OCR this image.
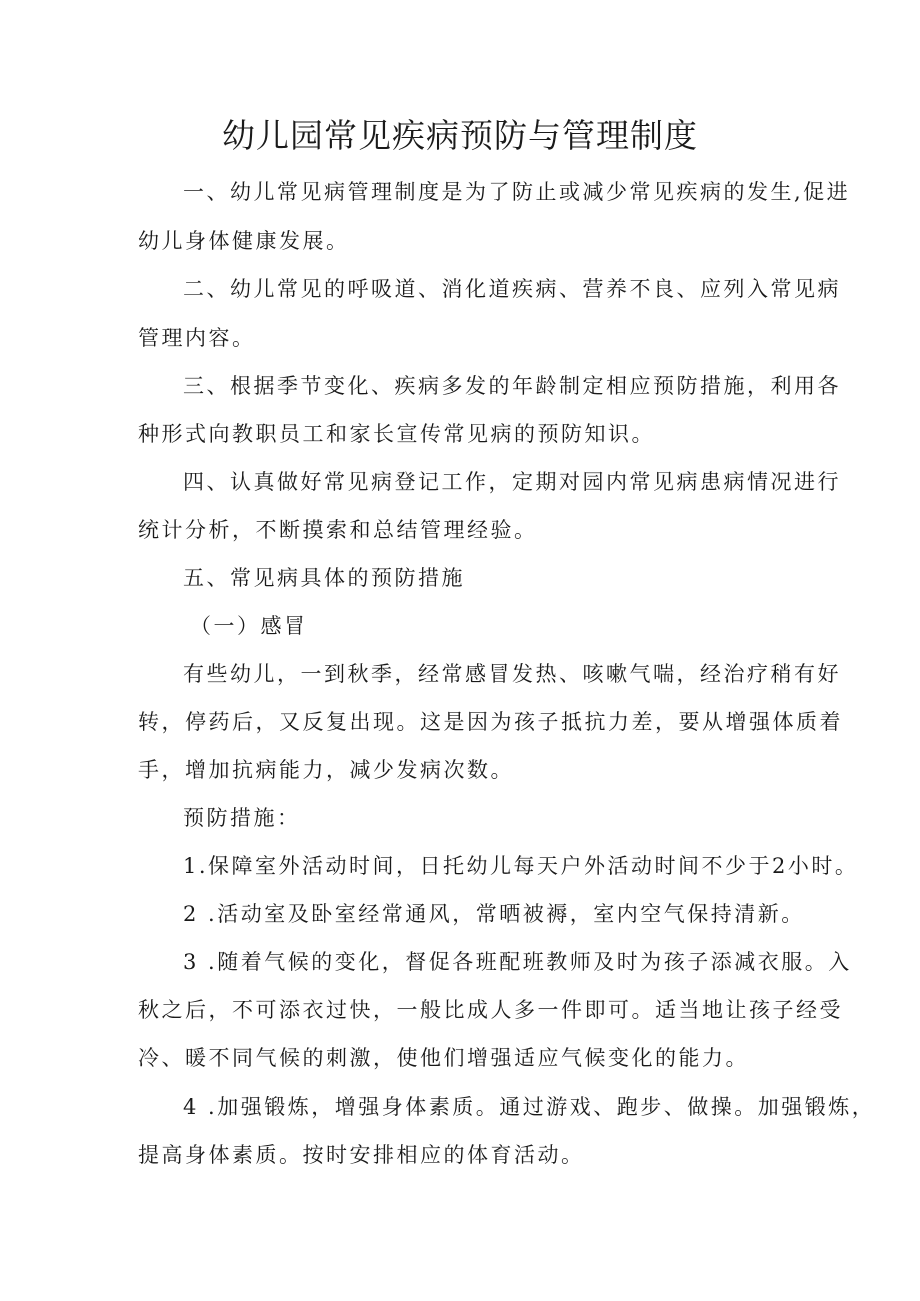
幼儿园常见疾病预防与管理制度

一、幼儿常见病管理制度是为了防止或减少常见疾病的发生,促进

幼儿身体健康发展。

二、幼儿常见的呼吸道、消化道疾病、营养不良、应列入常见病

管理内容。

三、根据季节变化、疾病多发的年龄制定相应预防措施，利用各

种形式向教职员工和家长宣传常见病的预防知识。

四、认真做好常见病登记工作，定期对园内常见病患病情况进行

统计分析，不断摸索和总结管理经验。

五、常见病具体的预防措施

（一）感冒

有些幼儿，一到秋季，经常感冒发热、咳嗽气喘，经治疗稍有好

转，停药后，又反复出现。这是因为孩子抵抗力差，要从增强体质着

手，增加抗病能力，减少发病次数。

预防措施：

1.保障室外活动时间，日托幼儿每天户外活动时间不少于2小时。

2 .活动室及卧室经常通风，常晒被褥，室内空气保持清新。

3 .随着气候的变化，督促各班配班教师及时为孩子添减衣服。入

秋之后，不可添衣过快，一般比成人多一件即可。适当地让孩子经受

冷、暖不同气候的刺激，使他们增强适应气候变化的能力。

4 .加强锻炼，增强身体素质。通过游戏、跑步、做操。加强锻炼，

提高身体素质。按时安排相应的体育活动。
